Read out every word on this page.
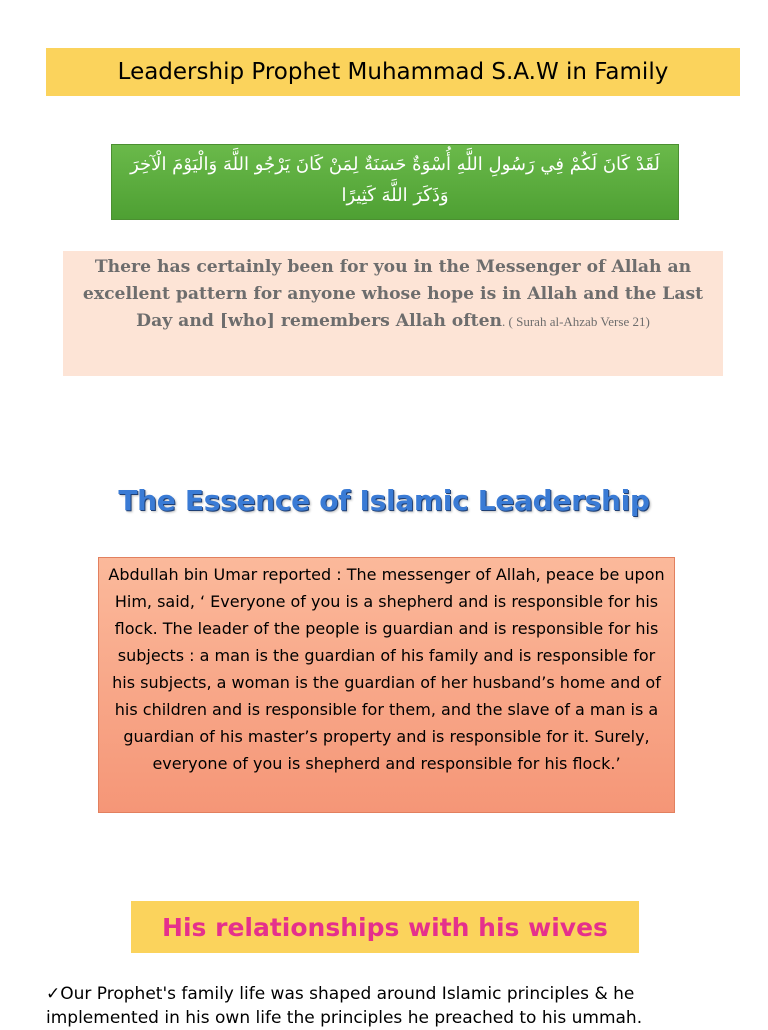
Leadership Prophet Muhammad S.A.W in Family
لَقَدْ كَانَ لَكُمْ فِي رَسُولِ اللَّهِ أُسْوَةٌ حَسَنَةٌ لِمَنْ كَانَ يَرْجُو اللَّهَ وَالْيَوْمَ الْآخِرَ وَذَكَرَ اللَّهَ كَثِيرًا
There has certainly been for you in the Messenger of Allah an excellent pattern for anyone whose hope is in Allah and the Last Day and [who] remembers Allah often. ( Surah al-Ahzab Verse 21)
The Essence of Islamic Leadership
Abdullah bin Umar reported : The messenger of Allah, peace be upon Him, said, ‘ Everyone of you is a shepherd and is responsible for his flock. The leader of the people is guardian and is responsible for his subjects : a man is the guardian of his family and is responsible for his subjects, a woman is the guardian of her husband’s home and of his children and is responsible for them, and the slave of a man is a guardian of his master’s property and is responsible for it. Surely, everyone of you is shepherd and responsible for his flock.’
His relationships with his wives
✓Our Prophet's family life was shaped around Islamic principles & he implemented in his own life the principles he preached to his ummah.
